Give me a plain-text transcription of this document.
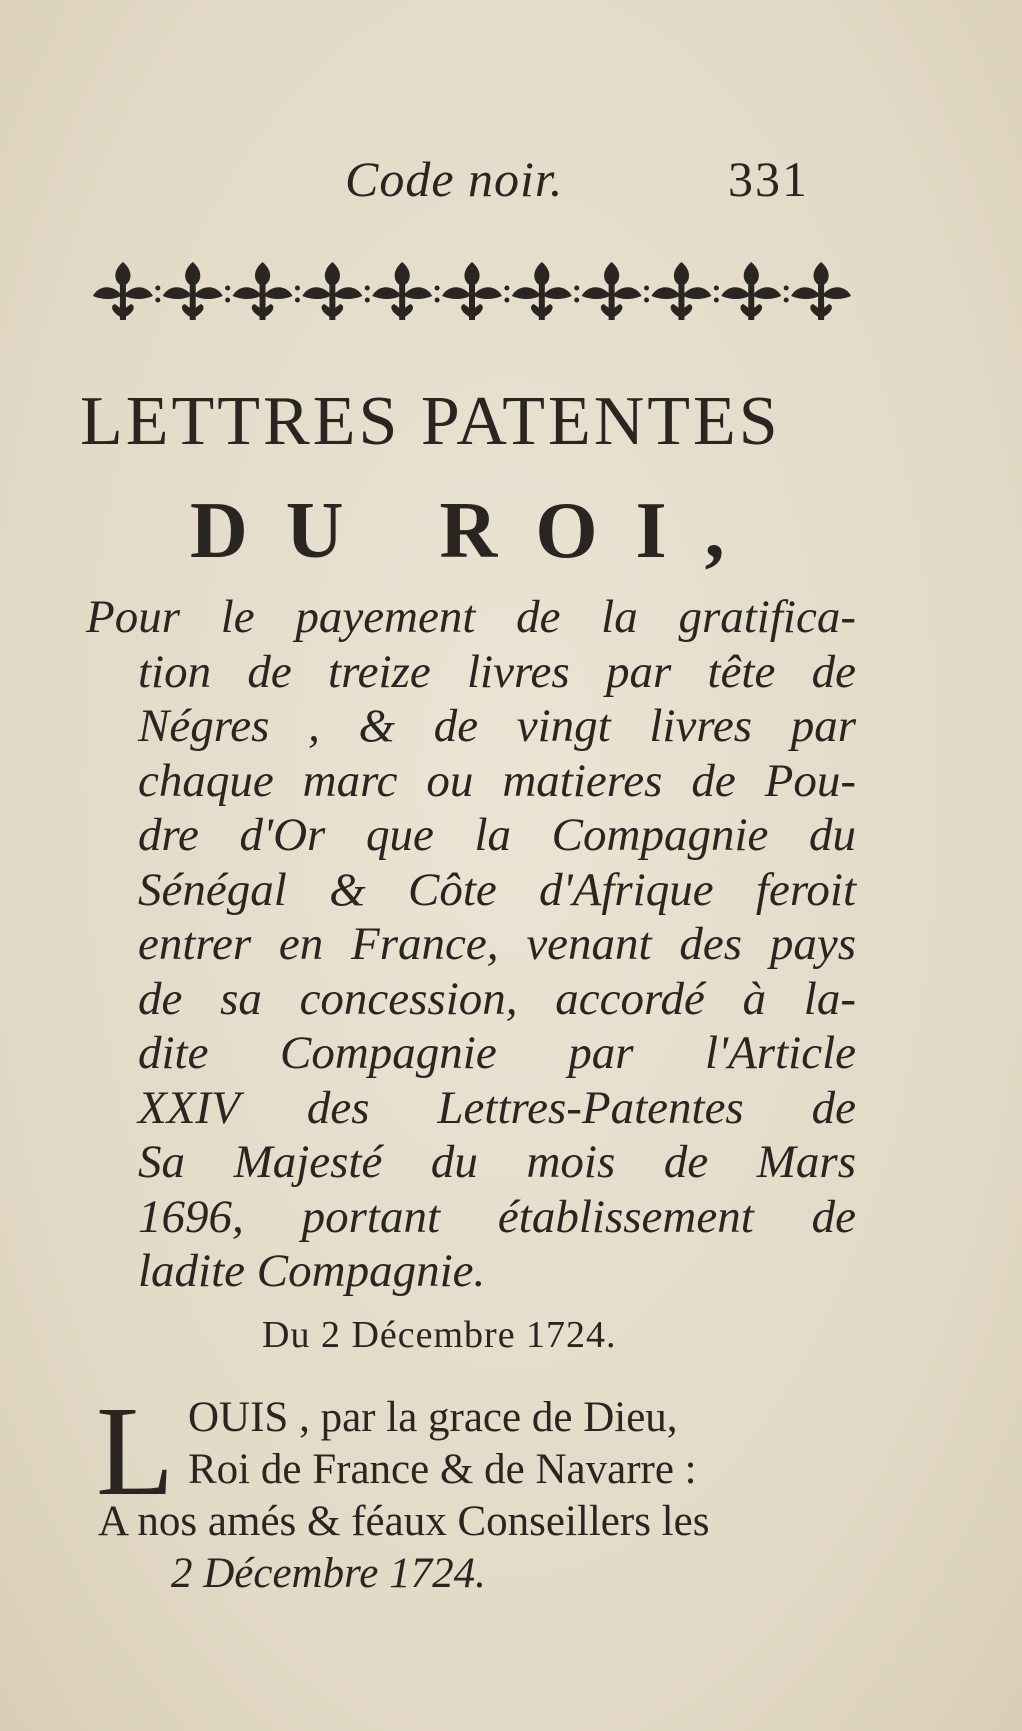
Code noir.	331
LETTRES PATENTES
DU ROI,
Pour le payement de la gratifica-
tion de treize livres par tête de
Négres , & de vingt livres par
chaque marc ou matieres de Pou-
dre d'Or que la Compagnie du
Sénégal & Côte d'Afrique feroit
entrer en France, venant des pays
de sa concession, accordé à la-
dite Compagnie par l'Article
XXIV des Lettres-Patentes de
Sa Majesté du mois de Mars
1696, portant établissement de
ladite Compagnie.
Du 2 Décembre 1724.
L OUIS , par la grace de Dieu,
Roi de France & de Navarre :
A nos amés & féaux Conseillers les
2 Décembre 1724.
